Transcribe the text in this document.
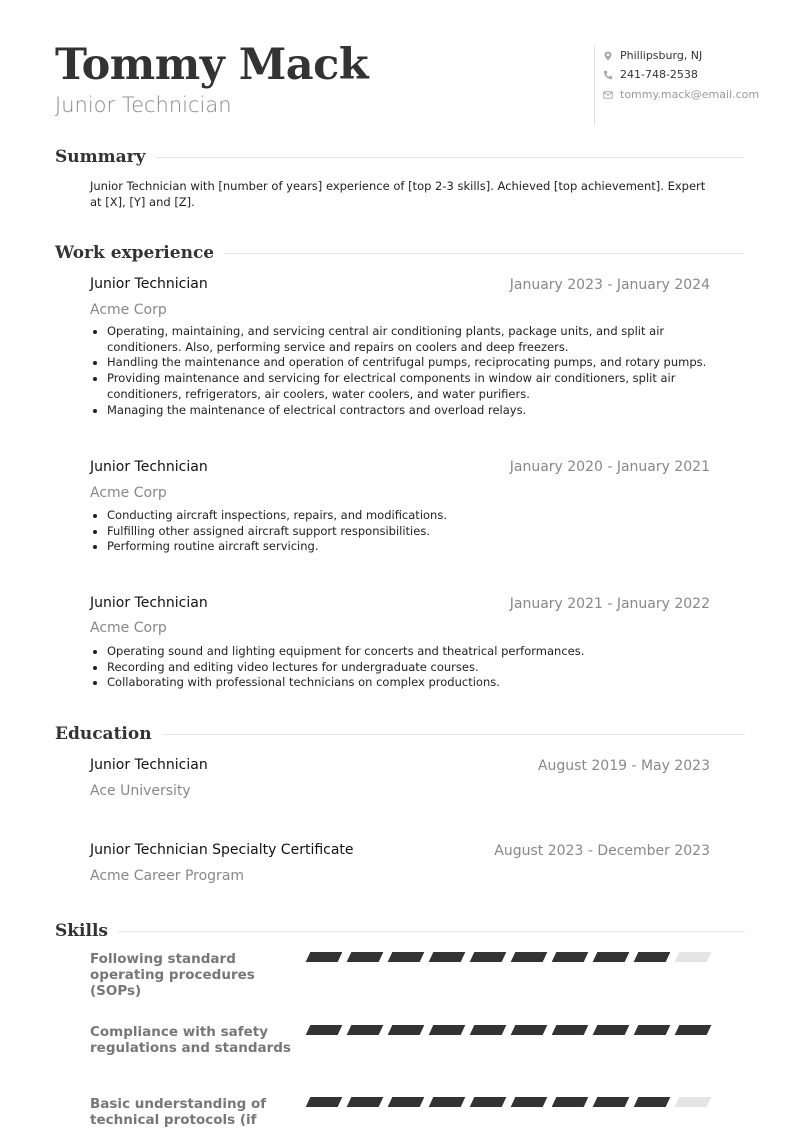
Tommy Mack
Junior Technician
Phillipsburg, NJ
241-748-2538
tommy.mack@email.com
Summary
Junior Technician with [number of years] experience of [top 2-3 skills]. Achieved [top achievement]. Expert at [X], [Y] and [Z].
Work experience
Junior Technician	January 2023 - January 2024
Acme Corp
• Operating, maintaining, and servicing central air conditioning plants, package units, and split air conditioners. Also, performing service and repairs on coolers and deep freezers.
• Handling the maintenance and operation of centrifugal pumps, reciprocating pumps, and rotary pumps.
• Providing maintenance and servicing for electrical components in window air conditioners, split air conditioners, refrigerators, air coolers, water coolers, and water purifiers.
• Managing the maintenance of electrical contractors and overload relays.
Junior Technician	January 2020 - January 2021
Acme Corp
• Conducting aircraft inspections, repairs, and modifications.
• Fulfilling other assigned aircraft support responsibilities.
• Performing routine aircraft servicing.
Junior Technician	January 2021 - January 2022
Acme Corp
• Operating sound and lighting equipment for concerts and theatrical performances.
• Recording and editing video lectures for undergraduate courses.
• Collaborating with professional technicians on complex productions.
Education
Junior Technician	August 2019 - May 2023
Ace University
Junior Technician Specialty Certificate	August 2023 - December 2023
Acme Career Program
Skills
Following standard operating procedures (SOPs)
Compliance with safety regulations and standards
Basic understanding of technical protocols (if
